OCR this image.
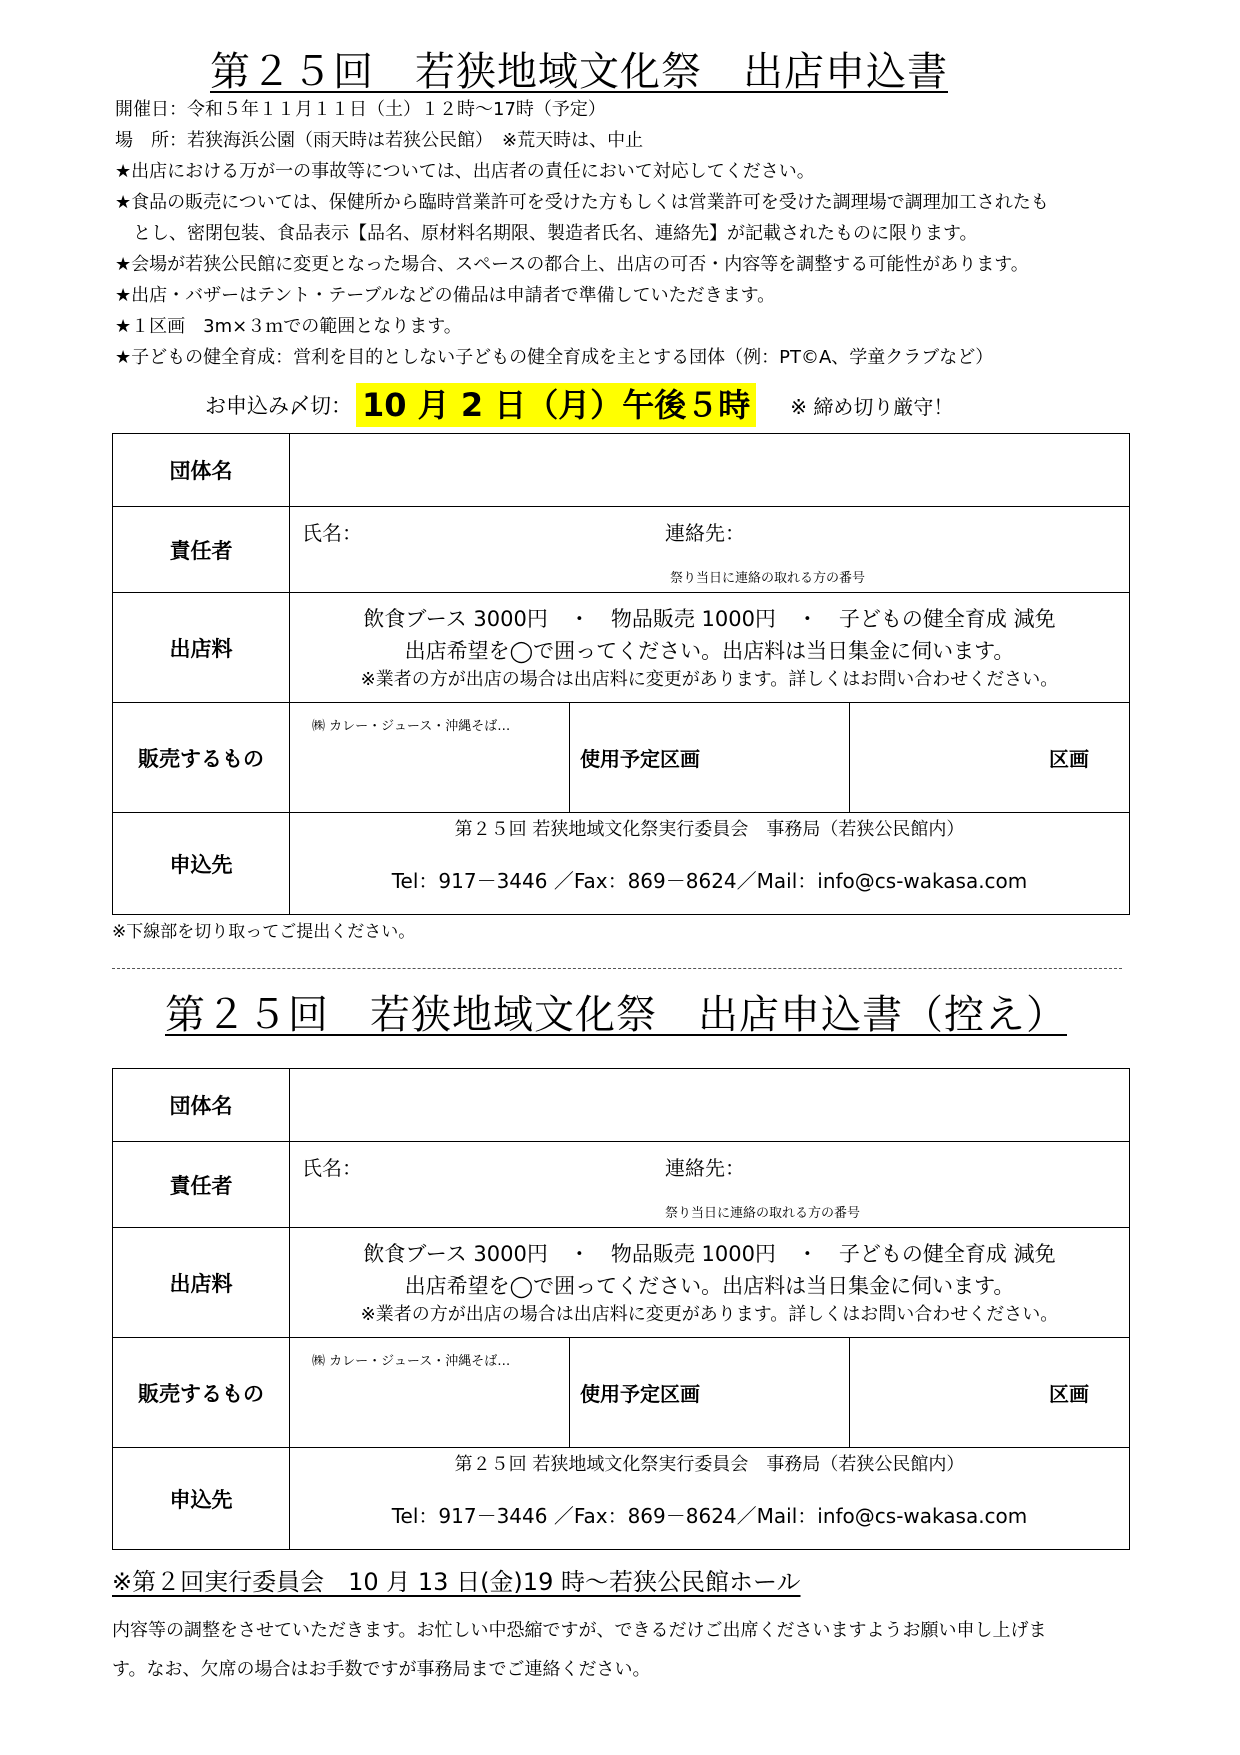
第２５回　若狭地域文化祭　出店申込書
開催日：令和５年１１月１１日（土）１２時～17時（予定）
場　所：若狭海浜公園（雨天時は若狭公民館）　※荒天時は、中止
★出店における万が一の事故等については、出店者の責任において対応してください。
★食品の販売については、保健所から臨時営業許可を受けた方もしくは営業許可を受けた調理場で調理加工されたも
　とし、密閉包装、食品表示【品名、原材料名期限、製造者氏名、連絡先】が記載されたものに限ります。
★会場が若狭公民館に変更となった場合、スペースの都合上、出店の可否・内容等を調整する可能性があります。
★出店・バザーはテント・テーブルなどの備品は申請者で準備していただきます。
★１区画　3m×３ｍでの範囲となります。
★子どもの健全育成：営利を目的としない子どもの健全育成を主とする団体（例：PT©A、学童クラブなど）
お申込み〆切： 10 月 2 日（月）午後５時	※ 締め切り厳守！
団体名			
責任者	氏名： 連絡先：
祭り当日に連絡の取れる方の番号		

出店料	飲食ブース 3000円　・　物品販売 1000円　・　子どもの健全育成 減免
出店希望を◯で囲ってください。出店料は当日集金に伺います。
※業者の方が出店の場合は出店料に変更があります。詳しくはお問い合わせください。		

販売するもの	㈱ カレー・ジュース・沖縄そば…	使用予定区画	区画
申込先	第２５回 若狭地域文化祭実行委員会　事務局（若狭公民館内）
Tel：917－3446 ／Fax：869－8624／Mail：info@cs-wakasa.com		
※下線部を切り取ってご提出ください。
第２５回　若狭地域文化祭　出店申込書（控え）
団体名			
責任者	氏名： 連絡先：
祭り当日に連絡の取れる方の番号		

出店料	飲食ブース 3000円　・　物品販売 1000円　・　子どもの健全育成 減免
出店希望を◯で囲ってください。出店料は当日集金に伺います。
※業者の方が出店の場合は出店料に変更があります。詳しくはお問い合わせください。		

販売するもの	㈱ カレー・ジュース・沖縄そば…	使用予定区画	区画
申込先	第２５回 若狭地域文化祭実行委員会　事務局（若狭公民館内）
Tel：917－3446 ／Fax：869－8624／Mail：info@cs-wakasa.com		
※第２回実行委員会　10 月 13 日(金)19 時～若狭公民館ホール
内容等の調整をさせていただきます。お忙しい中恐縮ですが、できるだけご出席くださいますようお願い申し上げま
す。なお、欠席の場合はお手数ですが事務局までご連絡ください。
